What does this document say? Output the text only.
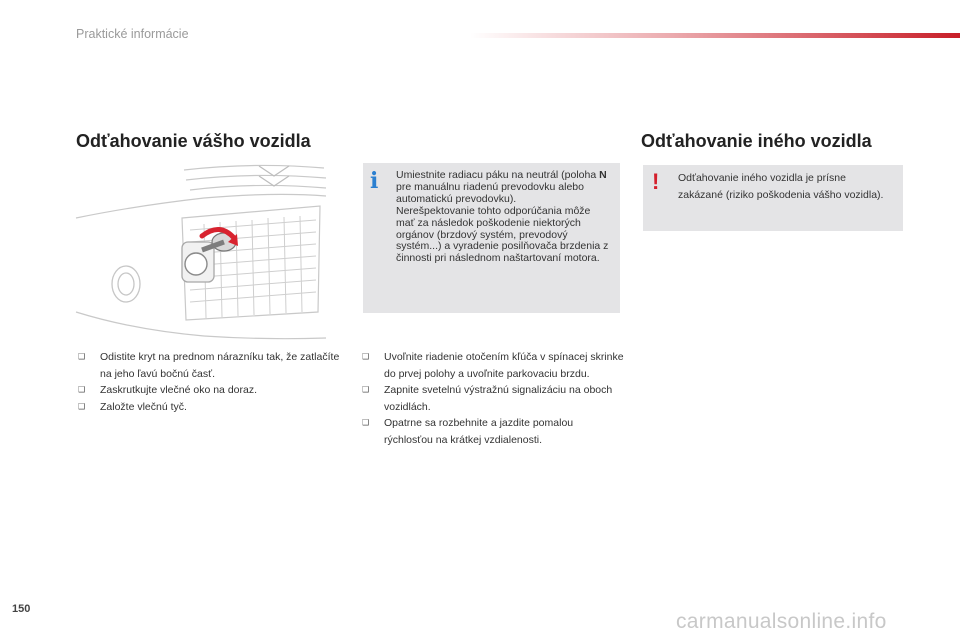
Praktické informácie
Odťahovanie vášho vozidla	Odťahovanie iného vozidla
i Umiestnite radiacu páku na neutrál (poloha N pre manuálnu riadenú prevodovku alebo automatickú prevodovku).
Nerešpektovanie tohto odporúčania môže mať za následok poškodenie niektorých orgánov (brzdový systém, prevodový systém...) a vyradenie posilňovača brzdenia z činnosti pri následnom naštartovaní motora.
! Odťahovanie iného vozidla je prísne zakázané (riziko poškodenia vášho vozidla).
❑ Odistite kryt na prednom nárazníku tak, že zatlačíte na jeho ľavú bočnú časť.
❑ Zaskrutkujte vlečné oko na doraz.
❑ Založte vlečnú tyč.
❑ Uvoľnite riadenie otočením kľúča v spínacej skrinke do prvej polohy a uvoľnite parkovaciu brzdu.
❑ Zapnite svetelnú výstražnú signalizáciu na oboch vozidlách.
❑ Opatrne sa rozbehnite a jazdite pomalou rýchlosťou na krátkej vzdialenosti.
150
carmanualsonline.info
